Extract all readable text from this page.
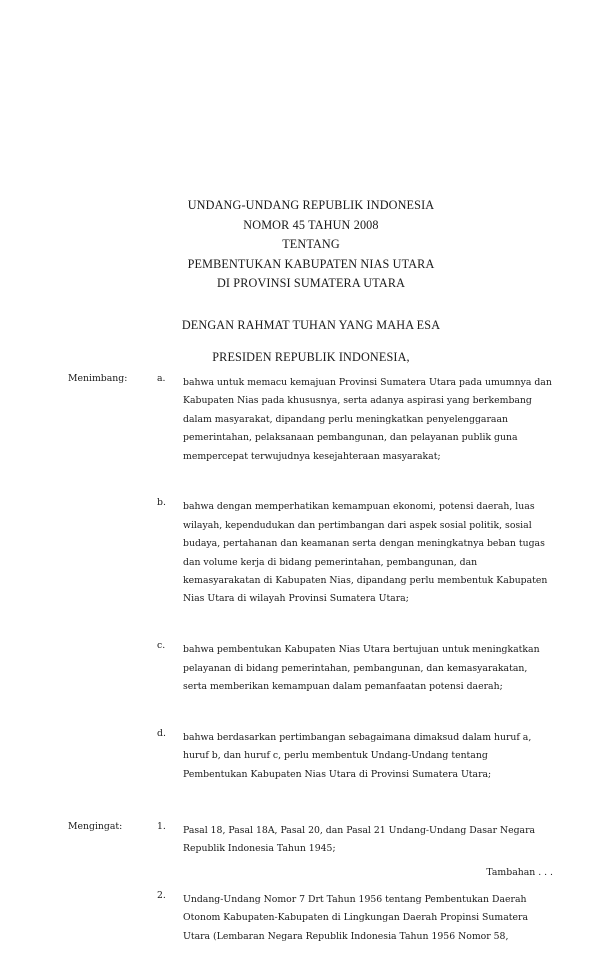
UNDANG-UNDANG REPUBLIK INDONESIA
NOMOR 45 TAHUN 2008
TENTANG
PEMBENTUKAN KABUPATEN NIAS UTARA
DI PROVINSI SUMATERA UTARA
DENGAN RAHMAT TUHAN YANG MAHA ESA
PRESIDEN REPUBLIK INDONESIA,
Menimbang:	a.	bahwa untuk memacu kemajuan Provinsi Sumatera Utara pada umumnya dan Kabupaten Nias pada khususnya, serta adanya aspirasi yang berkembang dalam masyarakat, dipandang perlu meningkatkan penyelenggaraan pemerintahan, pelaksanaan pembangunan, dan pelayanan publik guna mempercepat terwujudnya kesejahteraan masyarakat;
b.	bahwa dengan memperhatikan kemampuan ekonomi, potensi daerah, luas wilayah, kependudukan dan pertimbangan dari aspek sosial politik, sosial budaya, pertahanan dan keamanan serta dengan meningkatnya beban tugas dan volume kerja di bidang pemerintahan, pembangunan, dan kemasyarakatan di Kabupaten Nias, dipandang perlu membentuk Kabupaten Nias Utara di wilayah Provinsi Sumatera Utara;
c.	bahwa pembentukan Kabupaten Nias Utara bertujuan untuk meningkatkan pelayanan di bidang pemerintahan, pembangunan, dan kemasyarakatan, serta memberikan kemampuan dalam pemanfaatan potensi daerah;
d.	bahwa berdasarkan pertimbangan sebagaimana dimaksud dalam huruf a, huruf b, dan huruf c, perlu membentuk Undang-Undang tentang Pembentukan Kabupaten Nias Utara di Provinsi Sumatera Utara;
Mengingat:	1.	Pasal 18, Pasal 18A, Pasal 20, dan Pasal 21 Undang-Undang Dasar Negara Republik Indonesia Tahun 1945;
2.	Undang-Undang Nomor 7 Drt Tahun 1956 tentang Pembentukan Daerah Otonom Kabupaten-Kabupaten di Lingkungan Daerah Propinsi Sumatera Utara (Lembaran Negara Republik Indonesia Tahun 1956 Nomor 58,
Tambahan . . .
